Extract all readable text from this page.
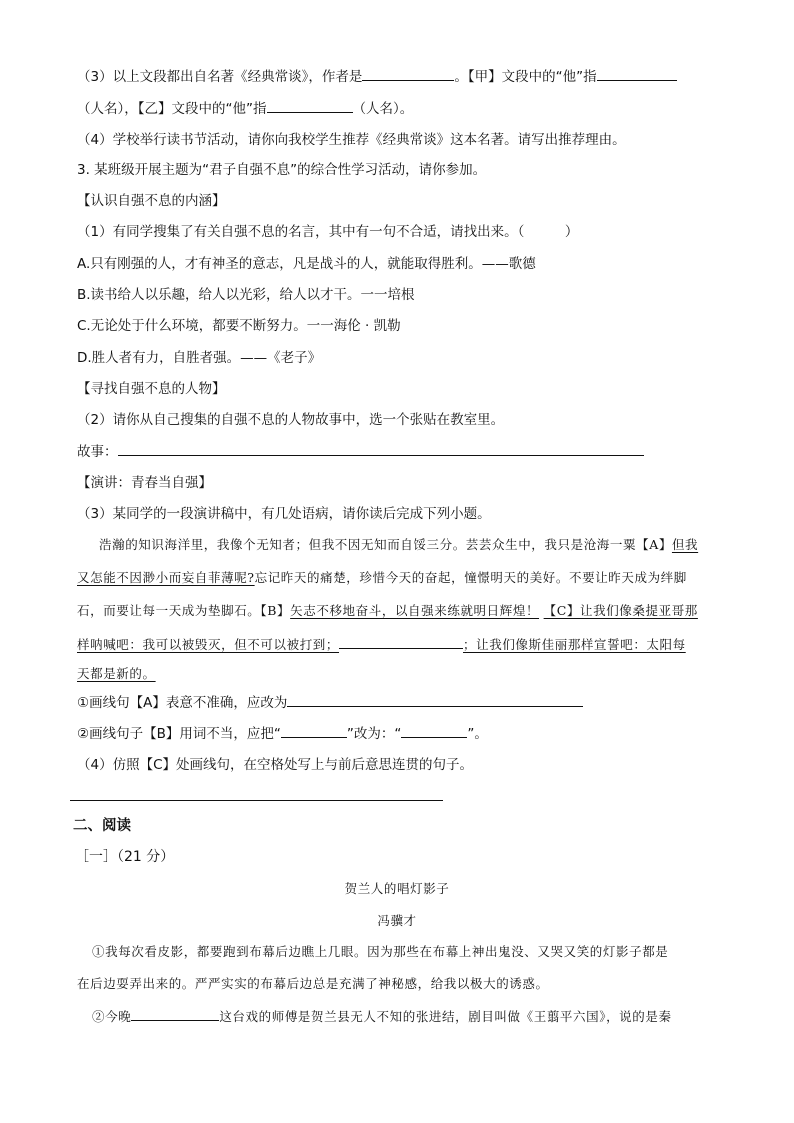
（3）以上文段都出自名著《经典常谈》，作者是	。【甲】文段中的“他”指
（人名），【乙】文段中的“他”指	（人名）。
（4）学校举行读书节活动，请你向我校学生推荐《经典常谈》这本名著。请写出推荐理由。
3. 某班级开展主题为“君子自强不息”的综合性学习活动，请你参加。
【认识自强不息的内涵】
（1）有同学搜集了有关自强不息的名言，其中有一句不合适，请找出来。（　　　）
A.只有刚强的人，才有神圣的意志，凡是战斗的人，就能取得胜利。——歌德
B.读书给人以乐趣，给人以光彩，给人以才干。一一培根
C.无论处于什么环境，都要不断努力。一一海伦 · 凯勒
D.胜人者有力，自胜者强。——《老子》
【寻找自强不息的人物】
（2）请你从自己搜集的自强不息的人物故事中，选一个张贴在教室里。
故事：
【演讲：青春当自强】
（3）某同学的一段演讲稿中，有几处语病，请你读后完成下列小题。
浩瀚的知识海洋里，我像个无知者；但我不因无知而自馁三分。芸芸众生中，我只是沧海一粟【A】但我
又怎能不因渺小而妄自菲薄呢?忘记昨天的痛楚，珍惜今天的奋起，憧憬明天的美好。不要让昨天成为绊脚
石，而要让每一天成为垫脚石。【B】矢志不移地奋斗，以自强来练就明日辉煌！ 【C】让我们像桑提亚哥那
样呐喊吧：我可以被毁灭，但不可以被打到；	；让我们像斯佳丽那样宣誓吧：太阳每
天都是新的。
①画线句【A】表意不准确，应改为
②画线句子【B】用词不当，应把“	”改为：“	”。
（4）仿照【C】处画线句，在空格处写上与前后意思连贯的句子。
二、阅读
［一］（21 分）
贺兰人的唱灯影子
冯骥才
①我每次看皮影，都要跑到布幕后边瞧上几眼。因为那些在布幕上神出鬼没、又哭又笑的灯影子都是
在后边耍弄出来的。严严实实的布幕后边总是充满了神秘感，给我以极大的诱惑。
②今晚	这台戏的师傅是贺兰县无人不知的张进结，剧目叫做《王翦平六国》，说的是秦
